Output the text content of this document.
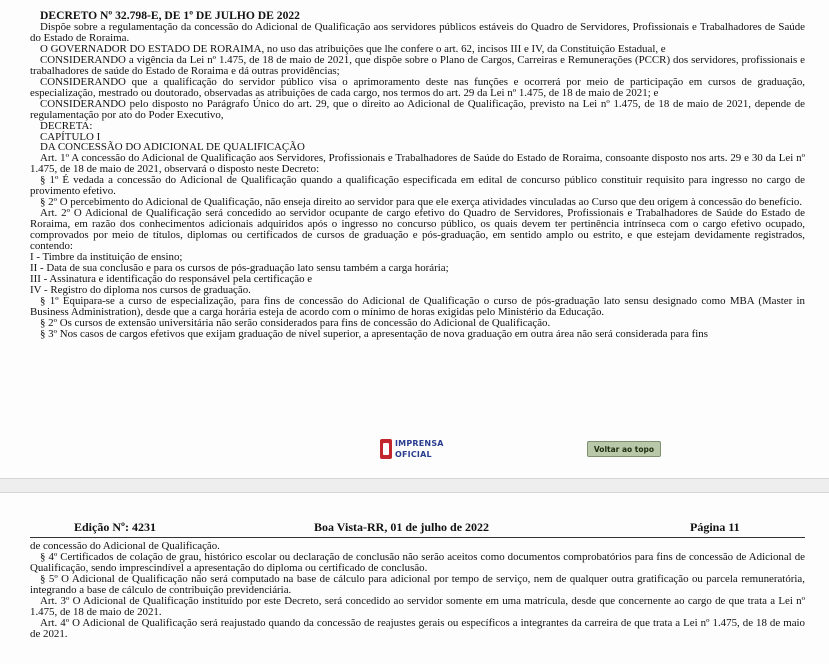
DECRETO Nº 32.798-E, DE 1º DE JULHO DE 2022

Dispõe sobre a regulamentação da concessão do Adicional de Qualificação aos servidores públicos estáveis do Quadro de Servidores, Profissionais e Trabalhadores de Saúde do Estado de Roraima.

O GOVERNADOR DO ESTADO DE RORAIMA, no uso das atribuições que lhe confere o art. 62, incisos III e IV, da Constituição Estadual, e

CONSIDERANDO a vigência da Lei nº 1.475, de 18 de maio de 2021, que dispõe sobre o Plano de Cargos, Carreiras e Remunerações (PCCR) dos servidores, profissionais e trabalhadores de saúde do Estado de Roraima e dá outras providências;

CONSIDERANDO que a qualificação do servidor público visa o aprimoramento deste nas funções e ocorrerá por meio de participação em cursos de graduação, especialização, mestrado ou doutorado, observadas as atribuições de cada cargo, nos termos do art. 29 da Lei nº 1.475, de 18 de maio de 2021; e

CONSIDERANDO pelo disposto no Parágrafo Único do art. 29, que o direito ao Adicional de Qualificação, previsto na Lei nº 1.475, de 18 de maio de 2021, depende de regulamentação por ato do Poder Executivo,

DECRETA:

CAPÍTULO I

DA CONCESSÃO DO ADICIONAL DE QUALIFICAÇÃO

Art. 1º A concessão do Adicional de Qualificação aos Servidores, Profissionais e Trabalhadores de Saúde do Estado de Roraima, consoante disposto nos arts. 29 e 30 da Lei nº 1.475, de 18 de maio de 2021, observará o disposto neste Decreto:

§ 1º É vedada a concessão do Adicional de Qualificação quando a qualificação especificada em edital de concurso público constituir requisito para ingresso no cargo de provimento efetivo.

§ 2º O percebimento do Adicional de Qualificação, não enseja direito ao servidor para que ele exerça atividades vinculadas ao Curso que deu origem à concessão do benefício.

Art. 2º O Adicional de Qualificação será concedido ao servidor ocupante de cargo efetivo do Quadro de Servidores, Profissionais e Trabalhadores de Saúde do Estado de Roraima, em razão dos conhecimentos adicionais adquiridos após o ingresso no concurso público, os quais devem ter pertinência intrínseca com o cargo efetivo ocupado, comprovados por meio de títulos, diplomas ou certificados de cursos de graduação e pós-graduação, em sentido amplo ou estrito, e que estejam devidamente registrados, contendo:

I - Timbre da instituição de ensino;

II - Data de sua conclusão e para os cursos de pós-graduação lato sensu também a carga horária;

III - Assinatura e identificação do responsável pela certificação e

IV - Registro do diploma nos cursos de graduação.

§ 1º Equipara-se a curso de especialização, para fins de concessão do Adicional de Qualificação o curso de pós-graduação lato sensu designado como MBA (Master in Business Administration), desde que a carga horária esteja de acordo com o mínimo de horas exigidas pelo Ministério da Educação.

§ 2º Os cursos de extensão universitária não serão considerados para fins de concessão do Adicional de Qualificação.

§ 3º Nos casos de cargos efetivos que exijam graduação de nível superior, a apresentação de nova graduação em outra área não será considerada para fins

IMPRENSA
OFICIAL
Voltar ao topo
Edição Nº: 4231	Boa Vista-RR, 01 de julho de 2022	Página 11

de concessão do Adicional de Qualificação.

§ 4º Certificados de colação de grau, histórico escolar ou declaração de conclusão não serão aceitos como documentos comprobatórios para fins de concessão de Adicional de Qualificação, sendo imprescindível a apresentação do diploma ou certificado de conclusão.

§ 5º O Adicional de Qualificação não será computado na base de cálculo para adicional por tempo de serviço, nem de qualquer outra gratificação ou parcela remuneratória, integrando a base de cálculo de contribuição previdenciária.

Art. 3º O Adicional de Qualificação instituído por este Decreto, será concedido ao servidor somente em uma matrícula, desde que concernente ao cargo de que trata a Lei nº 1.475, de 18 de maio de 2021.

Art. 4º O Adicional de Qualificação será reajustado quando da concessão de reajustes gerais ou específicos a integrantes da carreira de que trata a Lei nº 1.475, de 18 de maio de 2021.
